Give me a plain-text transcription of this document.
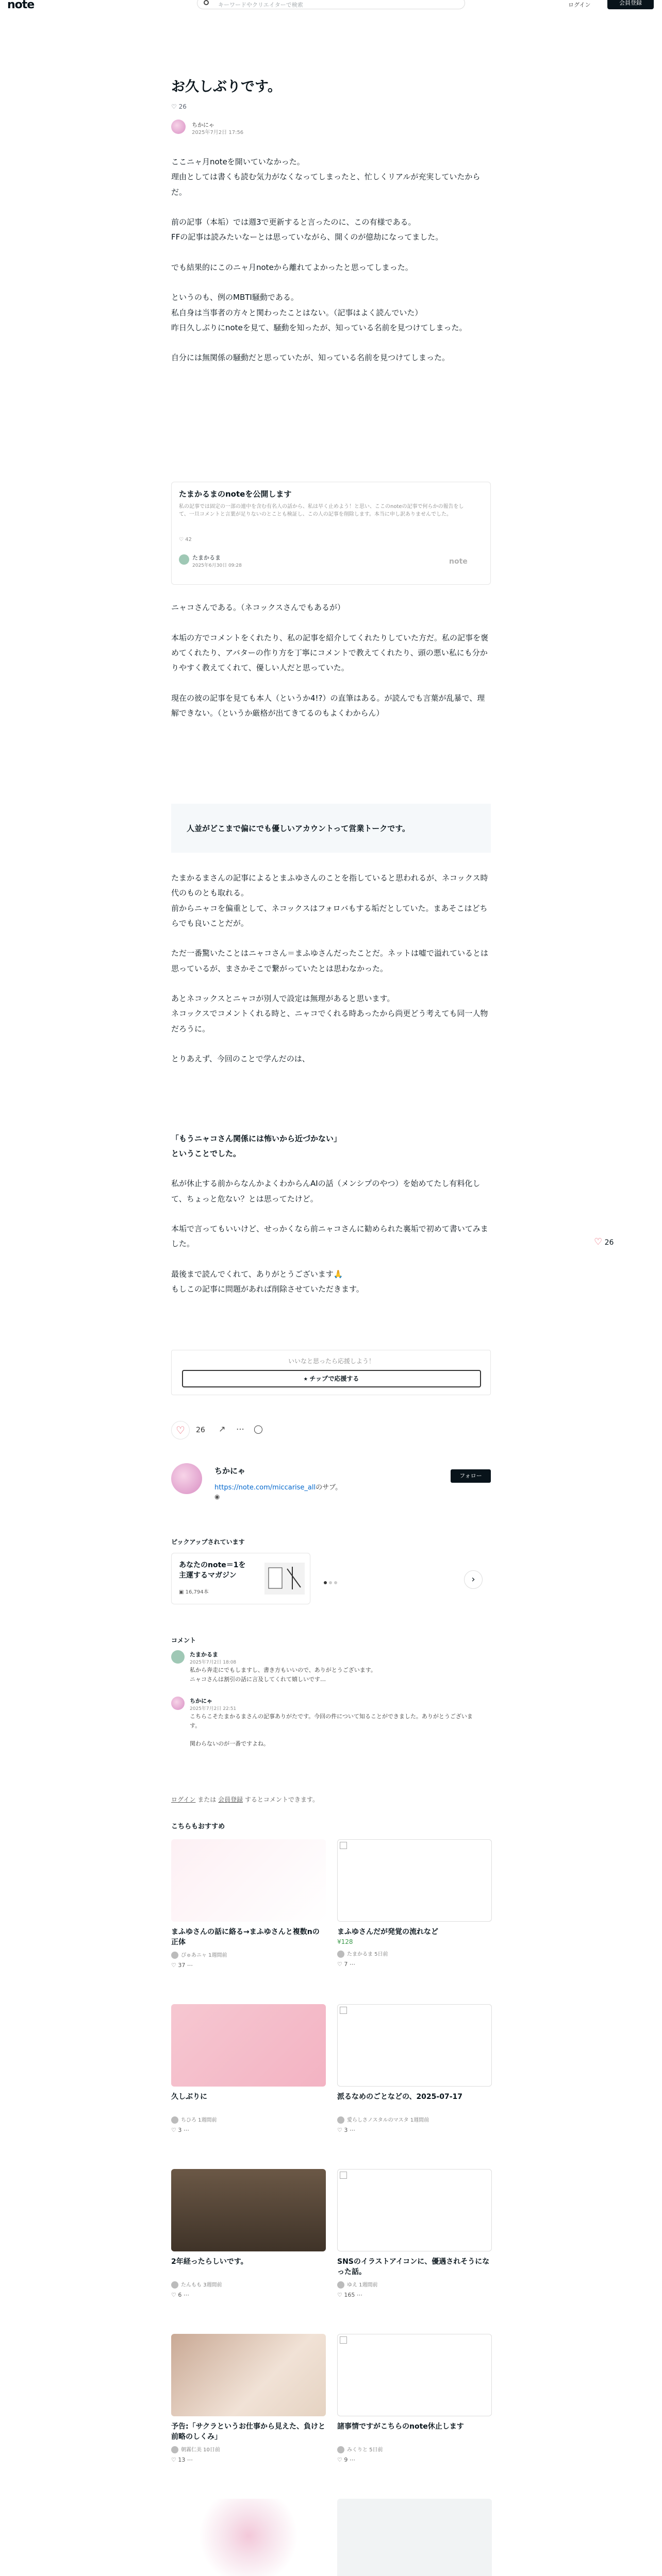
note	キーワードやクリエイターで検索	ログイン	会員登録
♡ 26
お久しぶりです。
♡ 26
ちかにゃ
2025年7月2日 17:56

ここニャ月noteを開いていなかった。

理由としては書くも読む気力がなくなってしまったと、忙しくリアルが充実していたからだ。

前の記事（本垢）では週3で更新すると言ったのに、この有様である。

FFの記事は読みたいなーとは思っていながら、開くのが億劫になってました。

でも結果的にこのニャ月noteから離れてよかったと思ってしまった。

というのも、例のMBTI騒動である。

私自身は当事者の方々と関わったことはない。（記事はよく読んでいた）

昨日久しぶりにnoteを見て、騒動を知ったが、知っている名前を見つけてしまった。

自分には無関係の騒動だと思っていたが、知っている名前を見つけてしまった。

たまかるまのnoteを公開します
私の記事では固定の一部の連中を含む有名人の話から、私は早く止めよう！と思い、ここのnoteの記事で何らかの報告をして、一旦コメントと言葉が足りないのとことも検証し、この人の記事を削除します。本当に申し訳ありませんでした。
♡ 42
たまかるま
2025年6月30日 09:28	note

ニャコさんである。（ネコックスさんでもあるが）

本垢の方でコメントをくれたり、私の記事を紹介してくれたりしていた方だ。私の記事を褒めてくれたり、アバターの作り方を丁寧にコメントで教えてくれたり、頭の悪い私にも分かりやすく教えてくれて、優しい人だと思っていた。

現在の彼の記事を見ても本人（というか4!?）の直筆はある。が読んでも言葉が乱暴で、理解できない。（というか厳格が出てきてるのもよくわからん）

人並がどこまで偏にでも優しいアカウントって営業トークです。

たまかるまさんの記事によるとまふゆさんのことを指していると思われるが、ネコックス時代のものとも取れる。

前からニャコを偏重として、ネコックスはフォロバもする垢だとしていた。まあそこはどちらでも良いことだが。

ただ一番驚いたことはニャコさん＝まふゆさんだったことだ。ネットは嘘で溢れているとは思っているが、まさかそこで繋がっていたとは思わなかった。

あとネコックスとニャコが別人で設定は無理があると思います。

ネコックスでコメントくれる時と、ニャコでくれる時あったから尚更どう考えても同一人物だろうに。

とりあえず、今回のことで学んだのは、

「もうニャコさん関係には怖いから近づかない」

ということでした。

私が休止する前からなんかよくわからんAIの話（メンシプのやつ）を始めてたし有料化して、ちょっと危ない？とは思ってたけど。

本垢で言ってもいいけど、せっかくなら前ニャコさんに勧められた裏垢で初めて書いてみました。

最後まで読んでくれて、ありがとうございます🙏

もしこの記事に問題があれば削除させていただきます。

いいなと思ったら応援しよう！
⭑ チップで応援する
♡	26 ↗ ⋯ ◯
ちかにゃ
https://note.com/miccarise_allのサブ。
◉
フォロー
ピックアップされています
あなたのnote＝1を
主運するマガジン
▣ 16,794本
›
コメント
たまかるま
2025年7月2日 18:08
私から奔走にでもしますし、書き方もいいので、ありがとうございます。
ニャコさんは割引の話に言及してくれて嬉しいです…
ちかにゃ
2025年7月2日 22:51
こちらこそたまかるまさんの記事ありがたです。今回の件について知ることができました。ありがとうございます。

関わらないのが一番ですよね。
ログイン または 会員登録 するとコメントできます。
こちらもおすすめ
まふゆさんの話に絡る→まふゆさんと複数nの正体
ぴゅあニャ 1週間前
♡ 37 ⋯
まふゆさんだが発覚の流れなど
¥128
たまかるま 5日前
♡ 7 ⋯
久しぶりに
ちひろ 1週間前
♡ 3 ⋯
派るなめのごとなどの、2025-07-17
愛らしさノスタルのマスタ 1週間前
♡ 3 ⋯
2年経ったらしいです。
たんもも 3週間前
♡ 6 ⋯
SNSのイラストアイコンに、優遇されそうになった話。
ゆえ 1週間前
♡ 165 ⋯
予告:「サクラというお仕事から見えた、負けと前略のしくみ」
朝霧仁美 10日前
♡ 13 ⋯
諸事情ですがこちらのnote休止します
みくりと 5日前
♡ 9 ⋯
